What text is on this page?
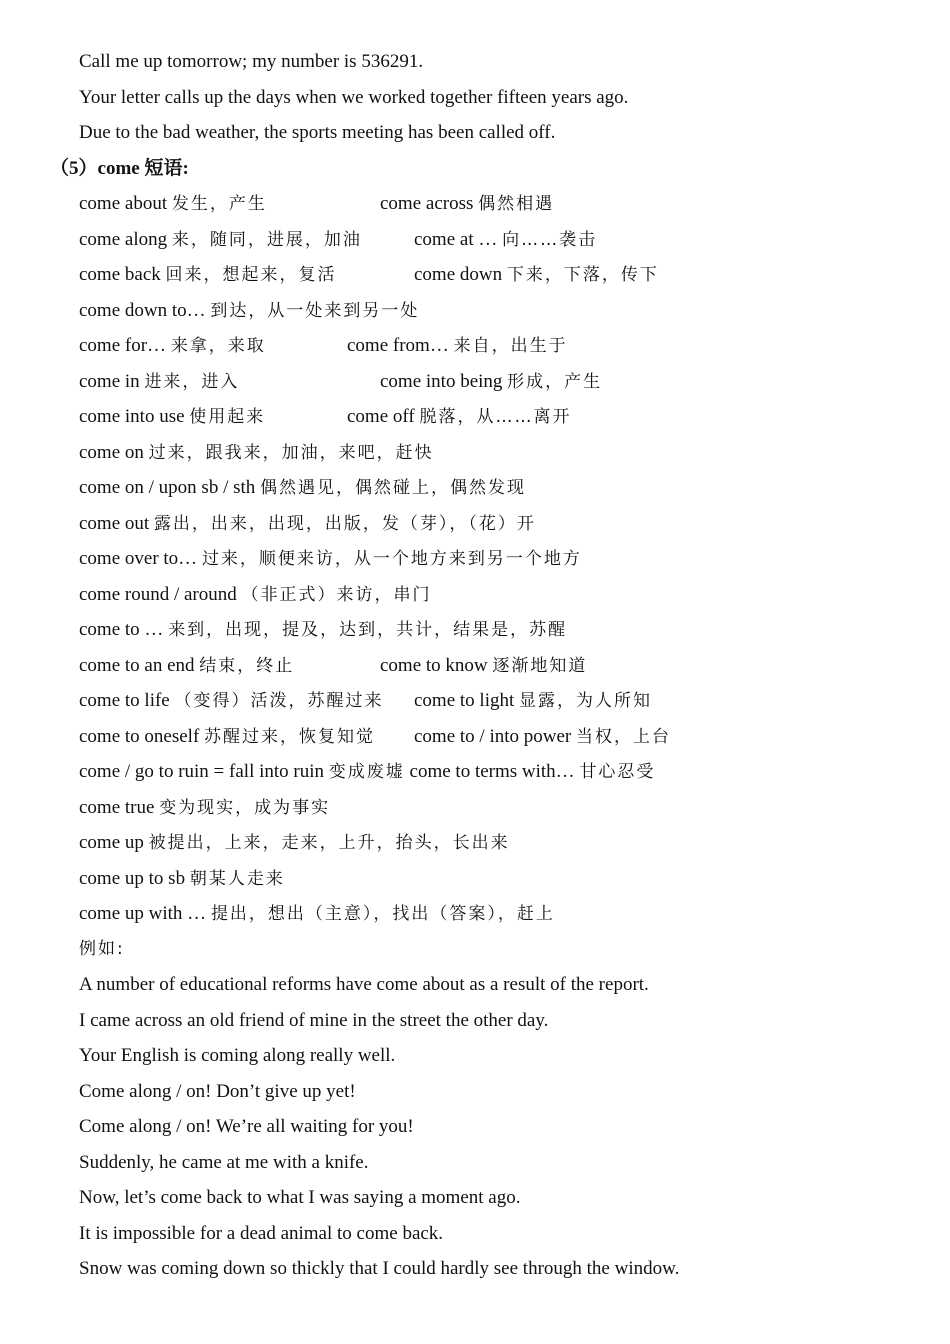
Call me up tomorrow; my number is 536291.
Your letter calls up the days when we worked together fifteen years ago.
Due to the bad weather, the sports meeting has been called off.
（5）come 短语:
come about 发生，产生	come across 偶然相遇
come along 来，随同，进展，加油	come at … 向……袭击
come back 回来，想起来，复活	come down 下来，下落，传下
come down to… 到达，从一处来到另一处
come for… 来拿，来取	come from… 来自，出生于
come in 进来，进入	come into being 形成，产生
come into use 使用起来	come off 脱落，从……离开
come on 过来，跟我来，加油，来吧，赶快
come on / upon sb / sth 偶然遇见，偶然碰上，偶然发现
come out 露出，出来，出现，出版，发（芽），（花）开
come over to… 过来，顺便来访，从一个地方来到另一个地方
come round / around （非正式）来访，串门
come to … 来到，出现，提及，达到，共计，结果是，苏醒
come to an end 结束，终止	come to know 逐渐地知道
come to life （变得）活泼，苏醒过来 come to light 显露，为人所知
come to oneself 苏醒过来，恢复知觉 come to / into power 当权，上台
come / go to ruin = fall into ruin 变成废墟 come to terms with… 甘心忍受
come true 变为现实，成为事实
come up 被提出，上来，走来，上升，抬头，长出来
come up to sb 朝某人走来
come up with … 提出，想出（主意），找出（答案），赶上
例如:
A number of educational reforms have come about as a result of the report.
I came across an old friend of mine in the street the other day.
Your English is coming along really well.
Come along / on! Don’t give up yet!
Come along / on! We’re all waiting for you!
Suddenly, he came at me with a knife.
Now, let’s come back to what I was saying a moment ago.
It is impossible for a dead animal to come back.
Snow was coming down so thickly that I could hardly see through the window.
